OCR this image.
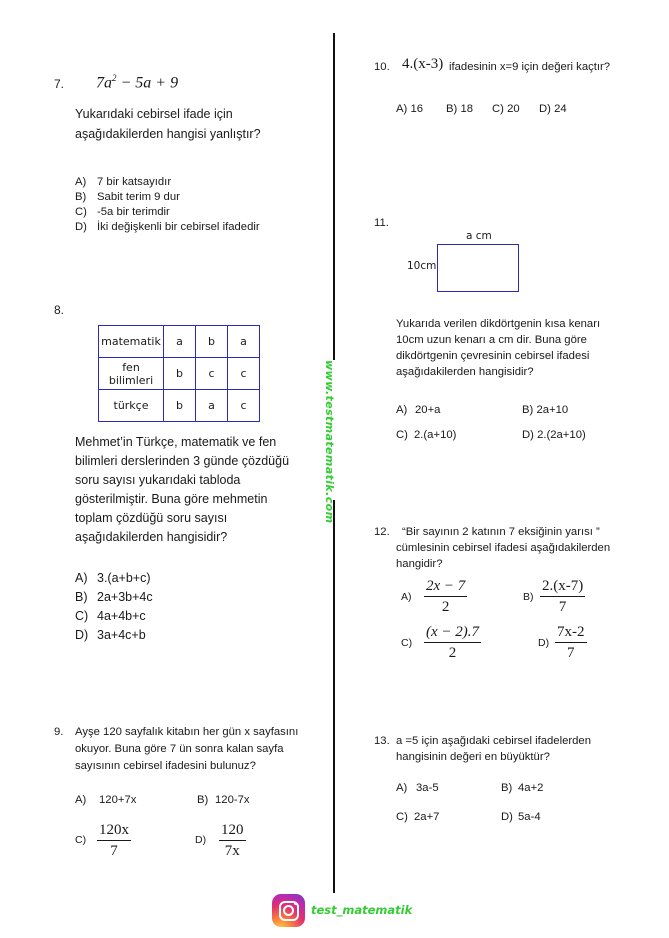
www.testmatematik.com
7. $7a^2 - 5a + 9$
Yukarıdaki cebirsel ifade için
aşağıdakilerden hangisi yanlıştır?
A) 7 bir katsayıdır
B) Sabit terim 9 dur
C) -5a bir terimdir
D) İki değişkenli bir cebirsel ifadedir
8.
matematik	a	b	a
fen bilimleri	b	c	c
türkçe	b	a	c
Mehmet’in Türkçe, matematik ve fen
bilimleri derslerinden 3 günde çözdüğü
soru sayısı yukarıdaki tabloda
gösterilmiştir. Buna göre mehmetin
toplam çözdüğü soru sayısı
aşağıdakilerden hangisidir?
A) 3.(a+b+c)
B) 2a+3b+4c
C) 4a+4b+c
D) 3a+4c+b
9. Ayşe 120 sayfalık kitabın her gün x sayfasını
okuyor. Buna göre 7 ün sonra kalan sayfa
sayısının cebirsel ifadesini bulunuz?
A) 120+7x	B) 120-7x
C)
120x
7
D)
120
7x
10. 4.(x-3) ifadesinin x=9 için değeri kaçtır?
A) 16 B) 18 C) 20 D) 24
11.
a cm
10cm
Yukarıda verilen dikdörtgenin kısa kenarı
10cm uzun kenarı a cm dir. Buna göre
dikdörtgenin çevresinin cebirsel ifadesi
aşağıdakilerden hangisidir?
A) 20+a	B) 2a+10
C) 2.(a+10)	D) 2.(2a+10)
12. “Bir sayının 2 katının 7 eksiğinin yarısı ”
cümlesinin cebirsel ifadesi aşağıdakilerden
hangidir?
A)
2x − 7
2
B)
2.(x-7)
7
C)
(x − 2).7
2
D)
7x-2
7
13. a =5 için aşağıdaki cebirsel ifadelerden
hangisinin değeri en büyüktür?
A) 3a-5	B) 4a+2
C) 2a+7	D) 5a-4
test_matematik
